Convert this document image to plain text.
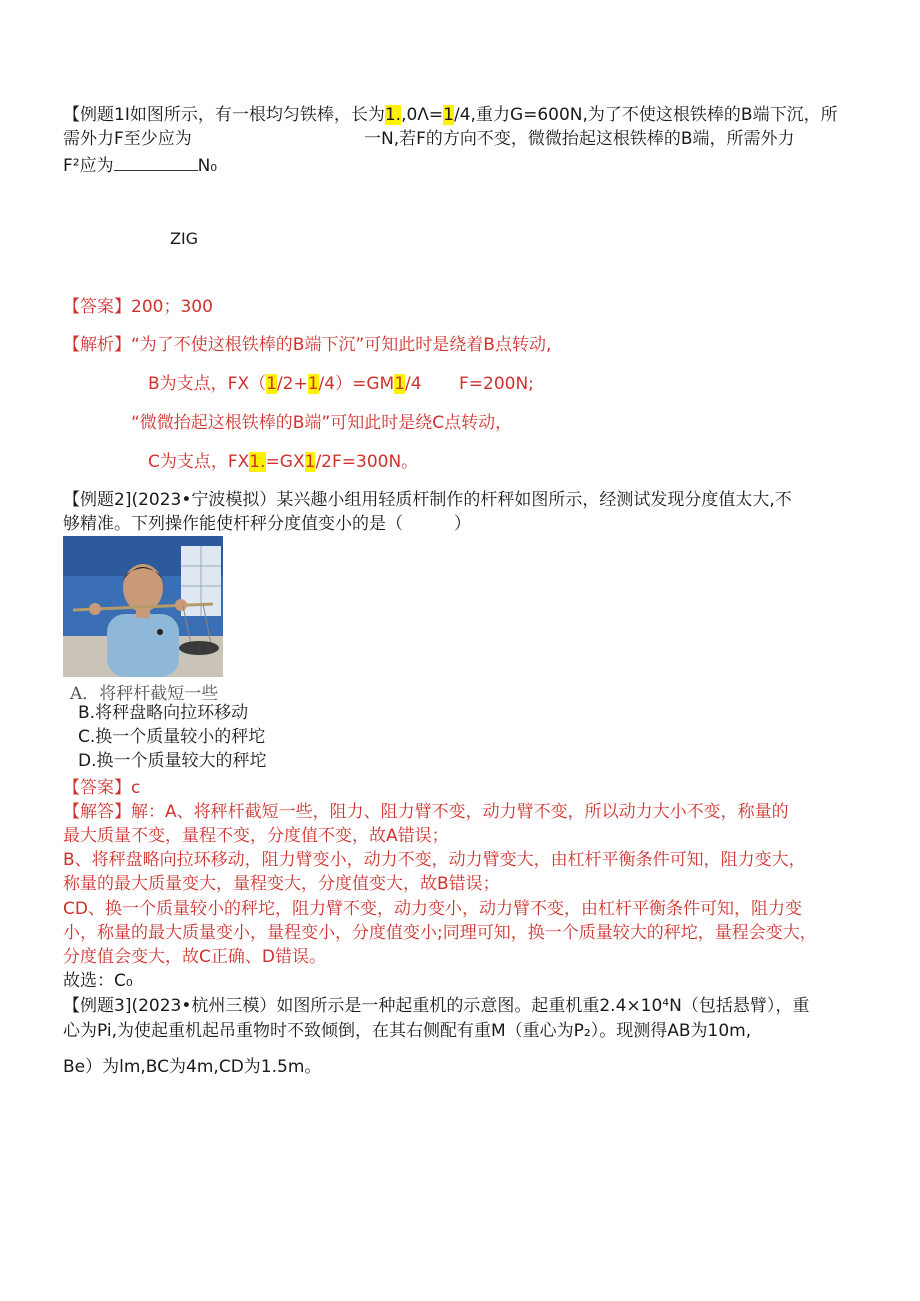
【例题1I如图所示，有一根均匀铁棒，长为1.,0Λ=1/4,重力G=600N,为了不使这根铁棒的B端下沉，所
需外力F至少应为	一N,若F的方向不变，微微抬起这根铁棒的B端，所需外力
F²应为	N₀
ZIG
【答案】200；300
【解析】“为了不使这根铁棒的B端下沉”可知此时是绕着B点转动,
B为支点，FX（1/2+1/4）=GM1/4 F=200N;
“微微抬起这根铁棒的B端”可知此时是绕C点转动，
C为支点，FX1.=GX1/2F=300N。
【例题2](2023•宁波模拟）某兴趣小组用轻质杆制作的杆秤如图所示，经测试发现分度值太大,不
够精准。下列操作能使杆秤分度值变小的是（　　　）
A．将秤杆截短一些
B.将秤盘略向拉环移动
C.换一个质量较小的秤坨
D.换一个质量较大的秤坨
【答案】c
【解答】解：A、将秤杆截短一些，阻力、阻力臂不变，动力臂不变，所以动力大小不变，称量的
最大质量不变，量程不变，分度值不变，故A错误；
B、将秤盘略向拉环移动，阻力臂变小，动力不变，动力臂变大，由杠杆平衡条件可知，阻力变大，
称量的最大质量变大，量程变大，分度值变大，故B错误；
CD、换一个质量较小的秤坨，阻力臂不变，动力变小，动力臂不变，由杠杆平衡条件可知，阻力变
小，称量的最大质量变小，量程变小，分度值变小;同理可知，换一个质量较大的秤坨，量程会变大，
分度值会变大，故C正确、D错误。
故选：C₀
【例题3](2023•杭州三模）如图所示是一种起重机的示意图。起重机重2.4×10⁴N（包括悬臂），重
心为Pi,为使起重机起吊重物时不致倾倒，在其右侧配有重M（重心为P₂）。现测得AB为10m,
Be）为lm,BC为4m,CD为1.5m。
